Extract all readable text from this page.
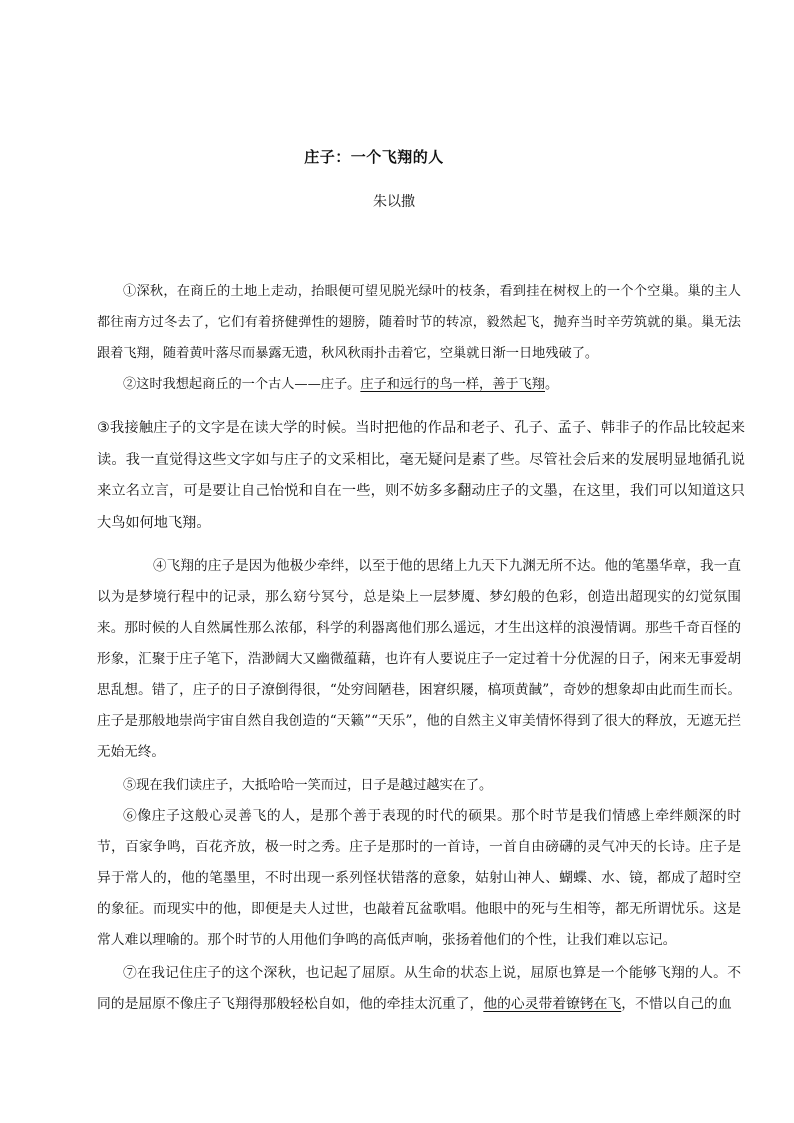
庄子：一个飞翔的人
朱以撒

①深秋，在商丘的土地上走动，抬眼便可望见脱光绿叶的枝条，看到挂在树杈上的一个个空巢。巢的主人都往南方过冬去了，它们有着挤健弹性的翅膀，随着时节的转凉，毅然起飞，抛弃当时辛劳筑就的巢。巢无法跟着飞翔，随着黄叶落尽而暴露无遗，秋风秋雨扑击着它，空巢就日渐一日地残破了。

②这时我想起商丘的一个古人——庄子。庄子和远行的鸟一样，善于飞翔。

③我接触庄子的文字是在读大学的时候。当时把他的作品和老子、孔子、孟子、韩非子的作品比较起来读。我一直觉得这些文字如与庄子的文采相比，毫无疑问是素了些。尽管社会后来的发展明显地循孔说来立名立言，可是要让自己怡悦和自在一些，则不妨多多翻动庄子的文墨，在这里，我们可以知道这只大鸟如何地飞翔。

④飞翔的庄子是因为他极少牵绊，以至于他的思绪上九天下九渊无所不达。他的笔墨华章，我一直以为是梦境行程中的记录，那么窈兮冥兮，总是染上一层梦魇、梦幻般的色彩，创造出超现实的幻觉氛围来。那时候的人自然属性那么浓郁，科学的利器离他们那么遥远，才生出这样的浪漫情调。那些千奇百怪的形象，汇聚于庄子笔下，浩渺阔大又幽微蕴藉，也许有人要说庄子一定过着十分优渥的日子，闲来无事爱胡思乱想。错了，庄子的日子潦倒得很，“处穷闾陋巷，困窘织屦，槁项黄馘”，奇妙的想象却由此而生而长。庄子是那般地崇尚宇宙自然自我创造的“天籁”“天乐”，他的自然主义审美情怀得到了很大的释放，无遮无拦无始无终。

⑤现在我们读庄子，大抵哈哈一笑而过，日子是越过越实在了。

⑥像庄子这般心灵善飞的人，是那个善于表现的时代的硕果。那个时节是我们情感上牵绊颇深的时节，百家争鸣，百花齐放，极一时之秀。庄子是那时的一首诗，一首自由磅礴的灵气冲天的长诗。庄子是异于常人的，他的笔墨里，不时出现一系列怪状错落的意象，姑射山神人、蝴蝶、水、镜，都成了超时空的象征。而现实中的他，即便是夫人过世，也敲着瓦盆歌唱。他眼中的死与生相等，都无所谓忧乐。这是常人难以理喻的。那个时节的人用他们争鸣的高低声响，张扬着他们的个性，让我们难以忘记。

⑦在我记住庄子的这个深秋，也记起了屈原。从生命的状态上说，屈原也算是一个能够飞翔的人。不同的是屈原不像庄子飞翔得那般轻松自如，他的牵挂太沉重了，他的心灵带着镣铐在飞，不惜以自己的血
